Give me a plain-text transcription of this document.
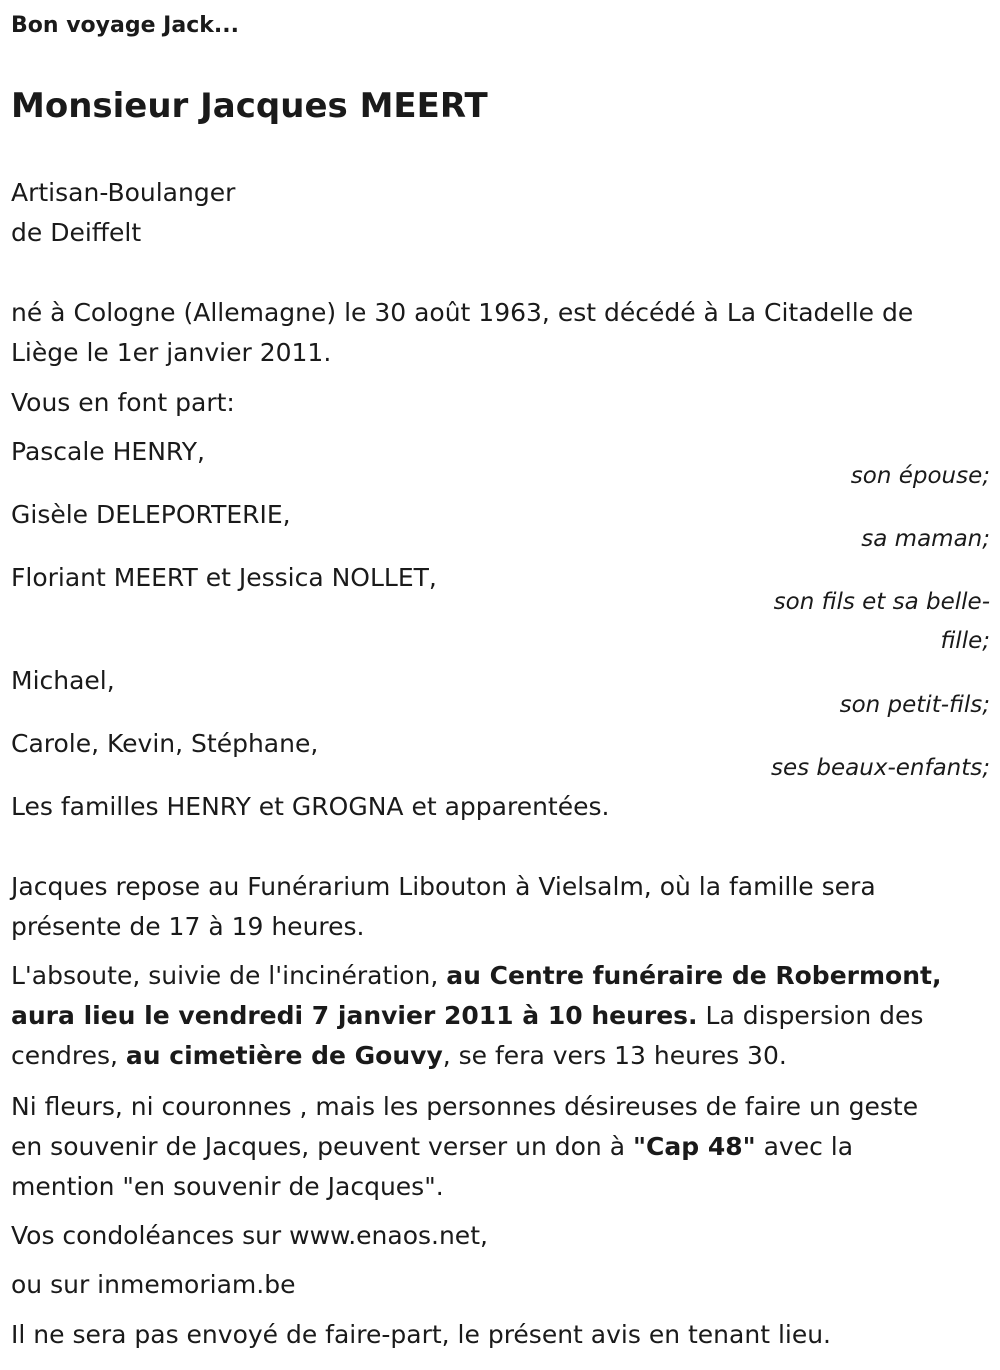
Bon voyage Jack...
Monsieur Jacques MEERT
Artisan-Boulanger
de Deiffelt
né à Cologne (Allemagne) le 30 août 1963, est décédé à La Citadelle de
Liège le 1er janvier 2011.
Vous en font part:
Pascale HENRY,
son épouse;
Gisèle DELEPORTERIE,
sa maman;
Floriant MEERT et Jessica NOLLET,
son fils et sa belle-
fille;
Michael,
son petit-fils;
Carole, Kevin, Stéphane,
ses beaux-enfants;
Les familles HENRY et GROGNA et apparentées.
Jacques repose au Funérarium Libouton à Vielsalm, où la famille sera
présente de 17 à 19 heures.
L'absoute, suivie de l'incinération, au Centre funéraire de Robermont,
aura lieu le vendredi 7 janvier 2011 à 10 heures. La dispersion des
cendres, au cimetière de Gouvy, se fera vers 13 heures 30.
Ni fleurs, ni couronnes , mais les personnes désireuses de faire un geste
en souvenir de Jacques, peuvent verser un don à "Cap 48" avec la
mention "en souvenir de Jacques".
Vos condoléances sur www.enaos.net,
ou sur inmemoriam.be
Il ne sera pas envoyé de faire-part, le présent avis en tenant lieu.
